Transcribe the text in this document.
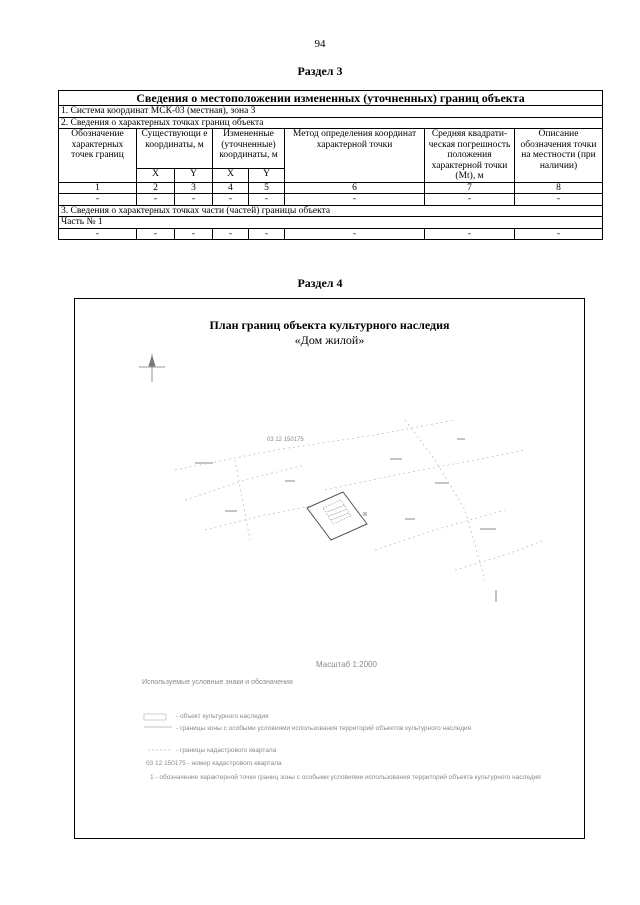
94
Раздел 3
Сведения о местоположении измененных (уточненных) границ объекта							
1. Система координат МСК-03 (местная), зона 3							
2. Сведения о характерных точках границ объекта							
Обозначение характерных точек границ	Существующи е координаты, м		Измененные (уточненные) координаты, м		Метод определения координат характерной точки	Средняя квадрати- ческая погрешность положения характерной точки (Mt), м	Описание обозначения точки на местности (при наличии)
	X	Y	X	Y			
1	2	3	4	5	6	7	8
-	-	-	-	-	-	-	-
3. Сведения о характерных точках части (частей) границы объекта							
Часть № 1							
-	-	-	-	-	-	-	-
Раздел 4
План границ объекта культурного наследия
«Дом жилой»
03 12 150175
Масштаб 1:2000
Используемые условные знаки и обозначения
- объект культурного наследия
- границы зоны с особыми условиями использования территорий объектов культурного наследия
- границы кадастрового квартала
03 12 150175 - номер кадастрового квартала
1 - обозначение характерной точки границ зоны с особыми условиями использования территорий объекта культурного наследия
